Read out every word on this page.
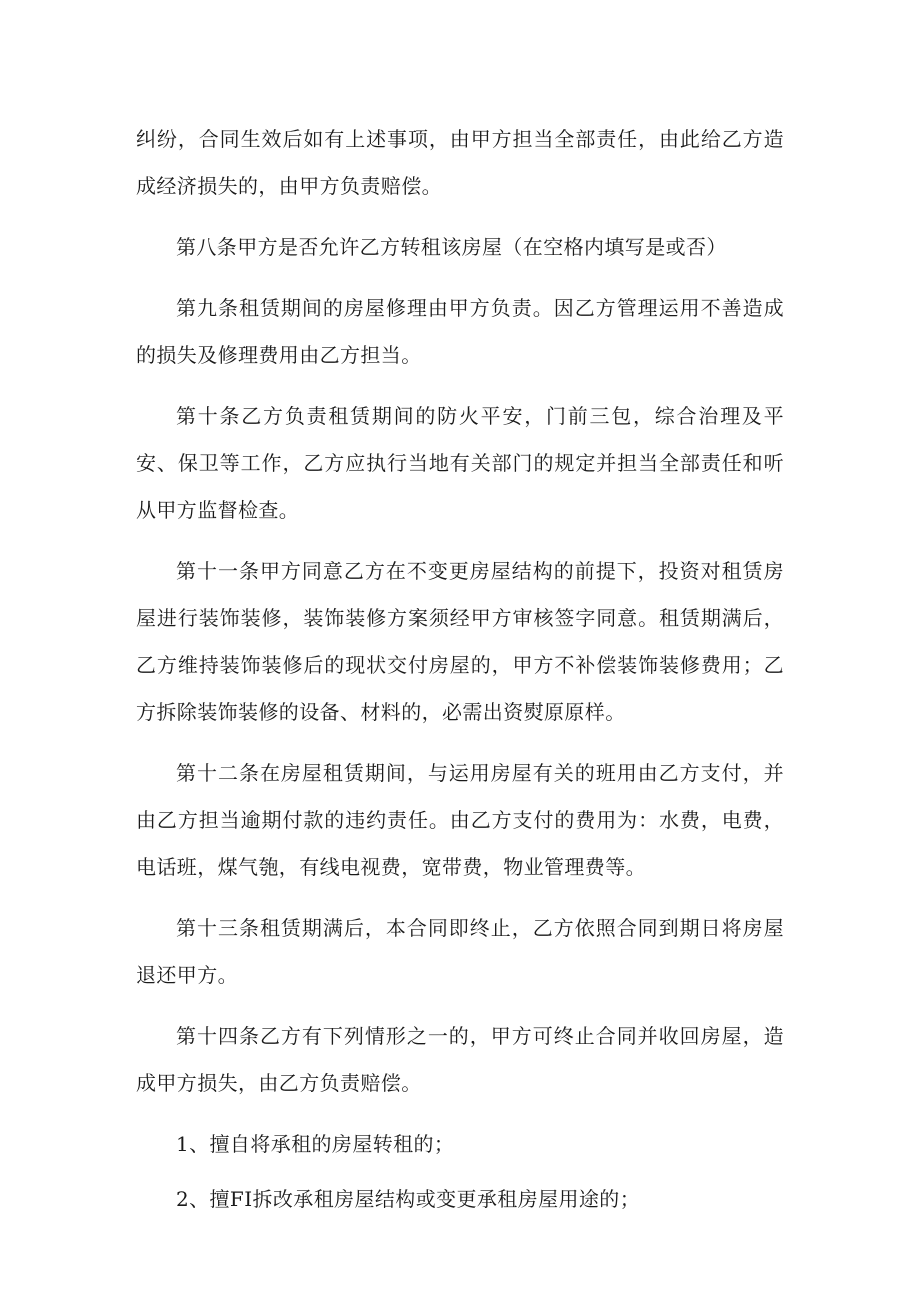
纠纷，合同生效后如有上述事项，由甲方担当全部责任，由此给乙方造成经济损失的，由甲方负责赔偿。

第八条甲方是否允许乙方转租该房屋（在空格内填写是或否）

第九条租赁期间的房屋修理由甲方负责。因乙方管理运用不善造成的损失及修理费用由乙方担当。

第十条乙方负责租赁期间的防火平安，门前三包，综合治理及平安、保卫等工作，乙方应执行当地有关部门的规定并担当全部责任和听从甲方监督检查。

第十一条甲方同意乙方在不变更房屋结构的前提下，投资对租赁房屋进行装饰装修，装饰装修方案须经甲方审核签字同意。租赁期满后，乙方维持装饰装修后的现状交付房屋的，甲方不补偿装饰装修费用；乙方拆除装饰装修的设备、材料的，必需出资熨原原样。

第十二条在房屋租赁期间，与运用房屋有关的班用由乙方支付，并由乙方担当逾期付款的违约责任。由乙方支付的费用为：水费，电费，电话班，煤气匏，有线电视费，宽带费，物业管理费等。

第十三条租赁期满后，本合同即终止，乙方依照合同到期日将房屋退还甲方。

第十四条乙方有下列情形之一的，甲方可终止合同并收回房屋，造成甲方损失，由乙方负责赔偿。

1、擅自将承租的房屋转租的；

2、擅FI拆改承租房屋结构或变更承租房屋用途的；
